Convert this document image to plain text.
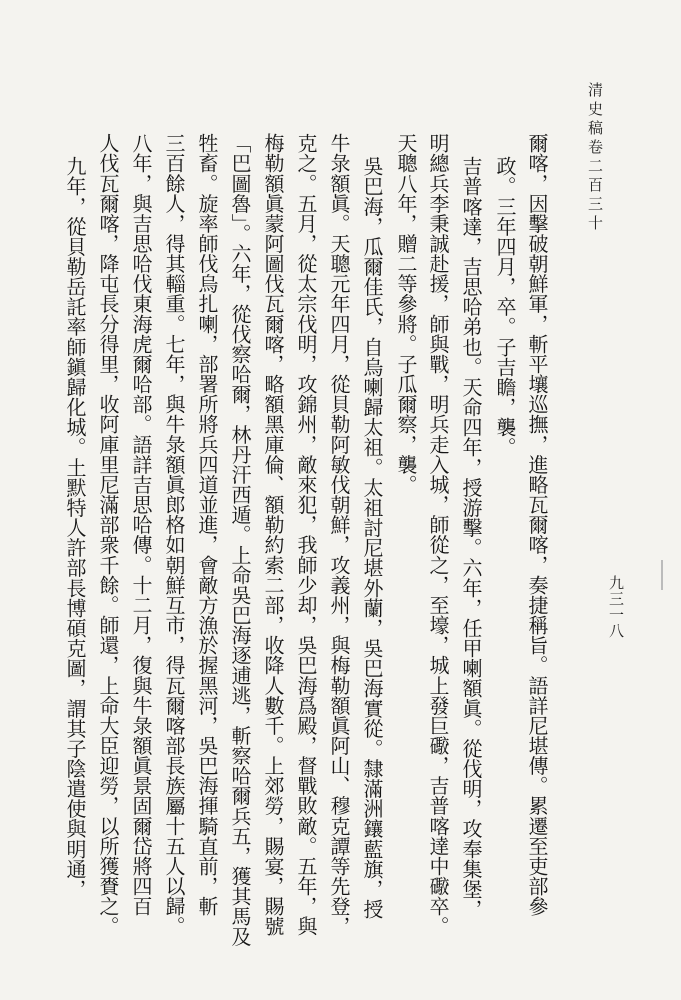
清史稿卷二百三十
九三一八
爾喀，因擊破朝鮮軍，斬平壤巡撫，進略瓦爾喀，奏捷稱旨。語詳尼堪傳。累遷至吏部參
政。三年四月，卒。子吉瞻，襲。
吉普喀達，吉思哈弟也。天命四年，授游擊。六年，任甲喇額眞。從伐明，攻奉集堡，
明總兵李秉誠赴援，師與戰，明兵走入城，師從之，至壕，城上發巨礮，吉普喀達中礮卒。
天聰八年，贈二等參將。子瓜爾察，襲。
吳巴海，瓜爾佳氏，自烏喇歸太祖。太祖討尼堪外蘭，吳巴海實從。隸滿洲鑲藍旗，授
牛彔額眞。天聰元年四月，從貝勒阿敏伐朝鮮，攻義州，與梅勒額眞阿山、穆克譚等先登，
克之。五月，從太宗伐明，攻錦州，敵來犯，我師少却，吳巴海爲殿，督戰敗敵。五年，與
梅勒額眞蒙阿圖伐瓦爾喀，略額黑庫倫、額勒約索二部，收降人數千。上郊勞，賜宴，賜號
「巴圖魯」。六年，從伐察哈爾，林丹汗西遁。上命吳巴海逐逋逃，斬察哈爾兵五，獲其馬及
牲畜。旋率師伐烏扎喇，部署所將兵四道並進，會敵方漁於握黑河，吳巴海揮騎直前，斬
三百餘人，得其輜重。七年，與牛彔額眞郎格如朝鮮互市，得瓦爾喀部長族屬十五人以歸。
八年，與吉思哈伐東海虎爾哈部。語詳吉思哈傳。十二月，復與牛彔額眞景固爾岱將四百
人伐瓦爾喀，降屯長分得里，收阿庫里尼滿部衆千餘。師還，上命大臣迎勞，以所獲賚之。
九年，從貝勒岳託率師鎭歸化城。土默特人許部長博碩克圖，謂其子陰遣使與明通，
